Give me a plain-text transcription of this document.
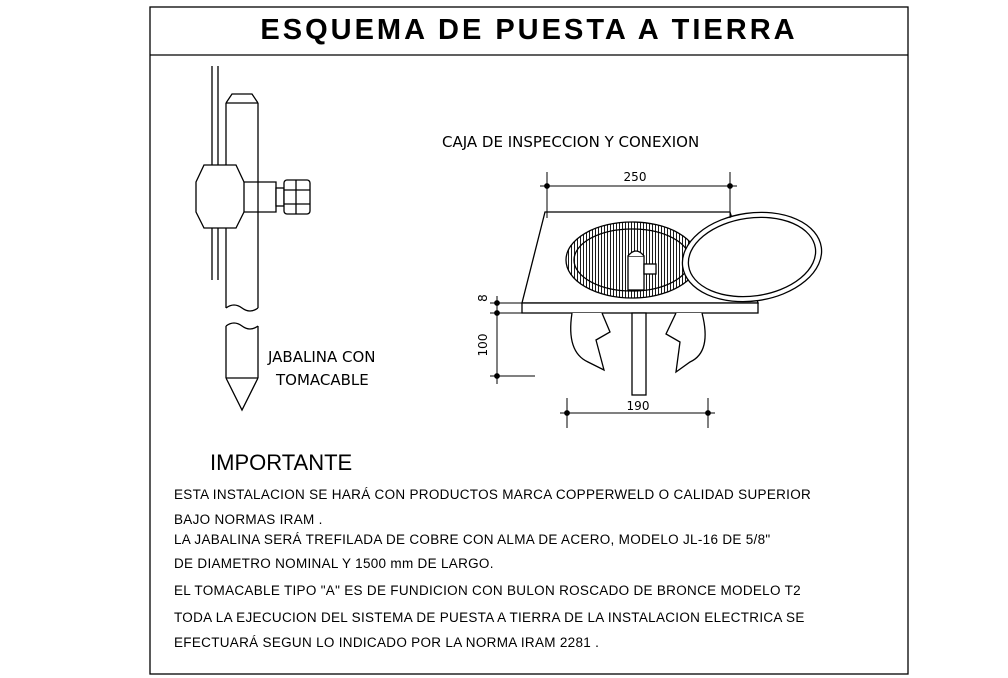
250
190
8
100
ESQUEMA DE PUESTA A TIERRA
CAJA DE INSPECCION Y CONEXION
JABALINA CON
TOMACABLE
IMPORTANTE
ESTA INSTALACION SE HARÁ CON PRODUCTOS MARCA COPPERWELD O CALIDAD SUPERIOR
BAJO NORMAS IRAM .
LA JABALINA SERÁ TREFILADA DE COBRE CON ALMA DE ACERO, MODELO JL-16 DE 5/8"
DE DIAMETRO NOMINAL Y 1500 mm DE LARGO.
EL TOMACABLE TIPO "A" ES DE FUNDICION CON BULON ROSCADO DE BRONCE MODELO T2
TODA LA EJECUCION DEL SISTEMA DE PUESTA A TIERRA DE LA INSTALACION ELECTRICA SE
EFECTUARÁ SEGUN LO INDICADO POR LA NORMA IRAM 2281 .
